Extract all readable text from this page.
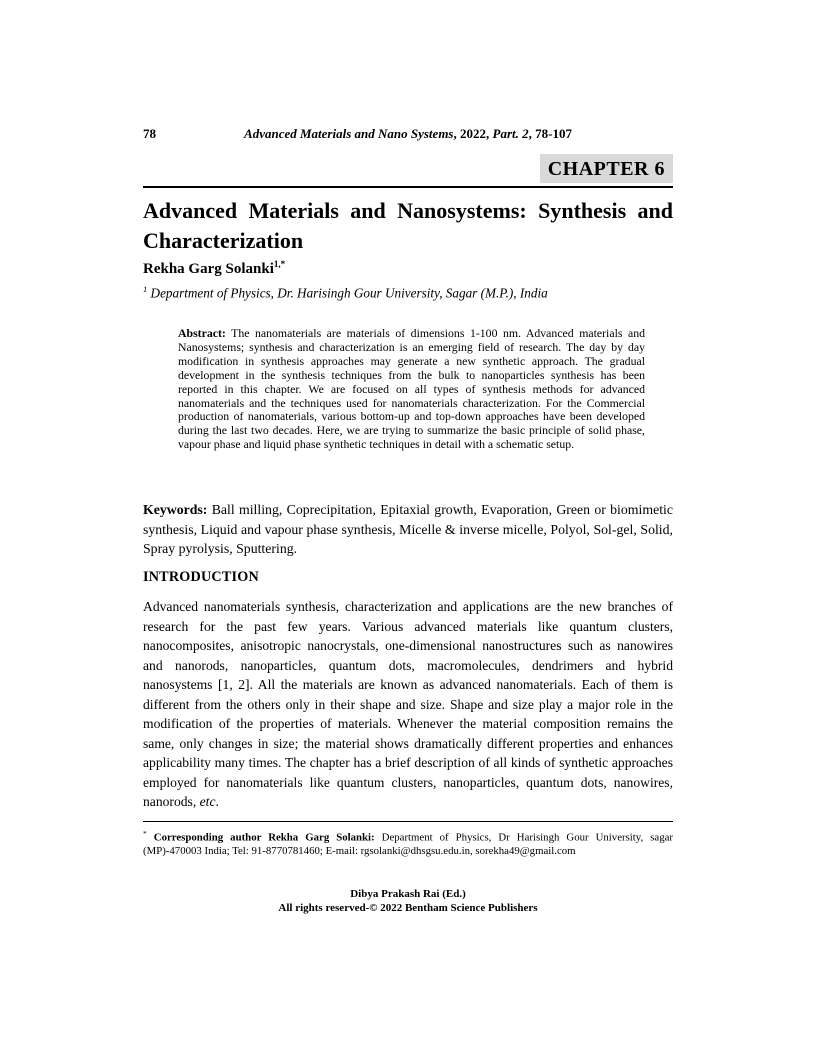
78	Advanced Materials and Nano Systems, 2022, Part. 2, 78-107
CHAPTER 6
Advanced Materials and Nanosystems: Synthesis and Characterization
Rekha Garg Solanki$^{1,*}$
$^1$ Department of Physics, Dr. Harisingh Gour University, Sagar (M.P.), India
Abstract: The nanomaterials are materials of dimensions 1-100 nm. Advanced materials and Nanosystems; synthesis and characterization is an emerging field of research. The day by day modification in synthesis approaches may generate a new synthetic approach. The gradual development in the synthesis techniques from the bulk to nanoparticles synthesis has been reported in this chapter. We are focused on all types of synthesis methods for advanced nanomaterials and the techniques used for nanomaterials characterization. For the Commercial production of nanomaterials, various bottom-up and top-down approaches have been developed during the last two decades. Here, we are trying to summarize the basic principle of solid phase, vapour phase and liquid phase synthetic techniques in detail with a schematic setup.
Keywords: Ball milling, Coprecipitation, Epitaxial growth, Evaporation, Green or biomimetic synthesis, Liquid and vapour phase synthesis, Micelle & inverse micelle, Polyol, Sol-gel, Solid, Spray pyrolysis, Sputtering.
INTRODUCTION

Advanced nanomaterials synthesis, characterization and applications are the new branches of research for the past few years. Various advanced materials like quantum clusters, nanocomposites, anisotropic nanocrystals, one-dimensional nanostructures such as nanowires and nanorods, nanoparticles, quantum dots, macromolecules, dendrimers and hybrid nanosystems [1, 2]. All the materials are known as advanced nanomaterials. Each of them is different from the others only in their shape and size. Shape and size play a major role in the modification of the properties of materials. Whenever the material composition remains the same, only changes in size; the material shows dramatically different properties and enhances applicability many times. The chapter has a brief description of all kinds of synthetic approaches employed for nanomaterials like quantum clusters, nanoparticles, quantum dots, nanowires, nanorods, etc.

* Corresponding author Rekha Garg Solanki: Department of Physics, Dr Harisingh Gour University, sagar (MP)-470003 India; Tel: 91-8770781460; E-mail: rgsolanki@dhsgsu.edu.in, sorekha49@gmail.com
Dibya Prakash Rai (Ed.)
All rights reserved-© 2022 Bentham Science Publishers
